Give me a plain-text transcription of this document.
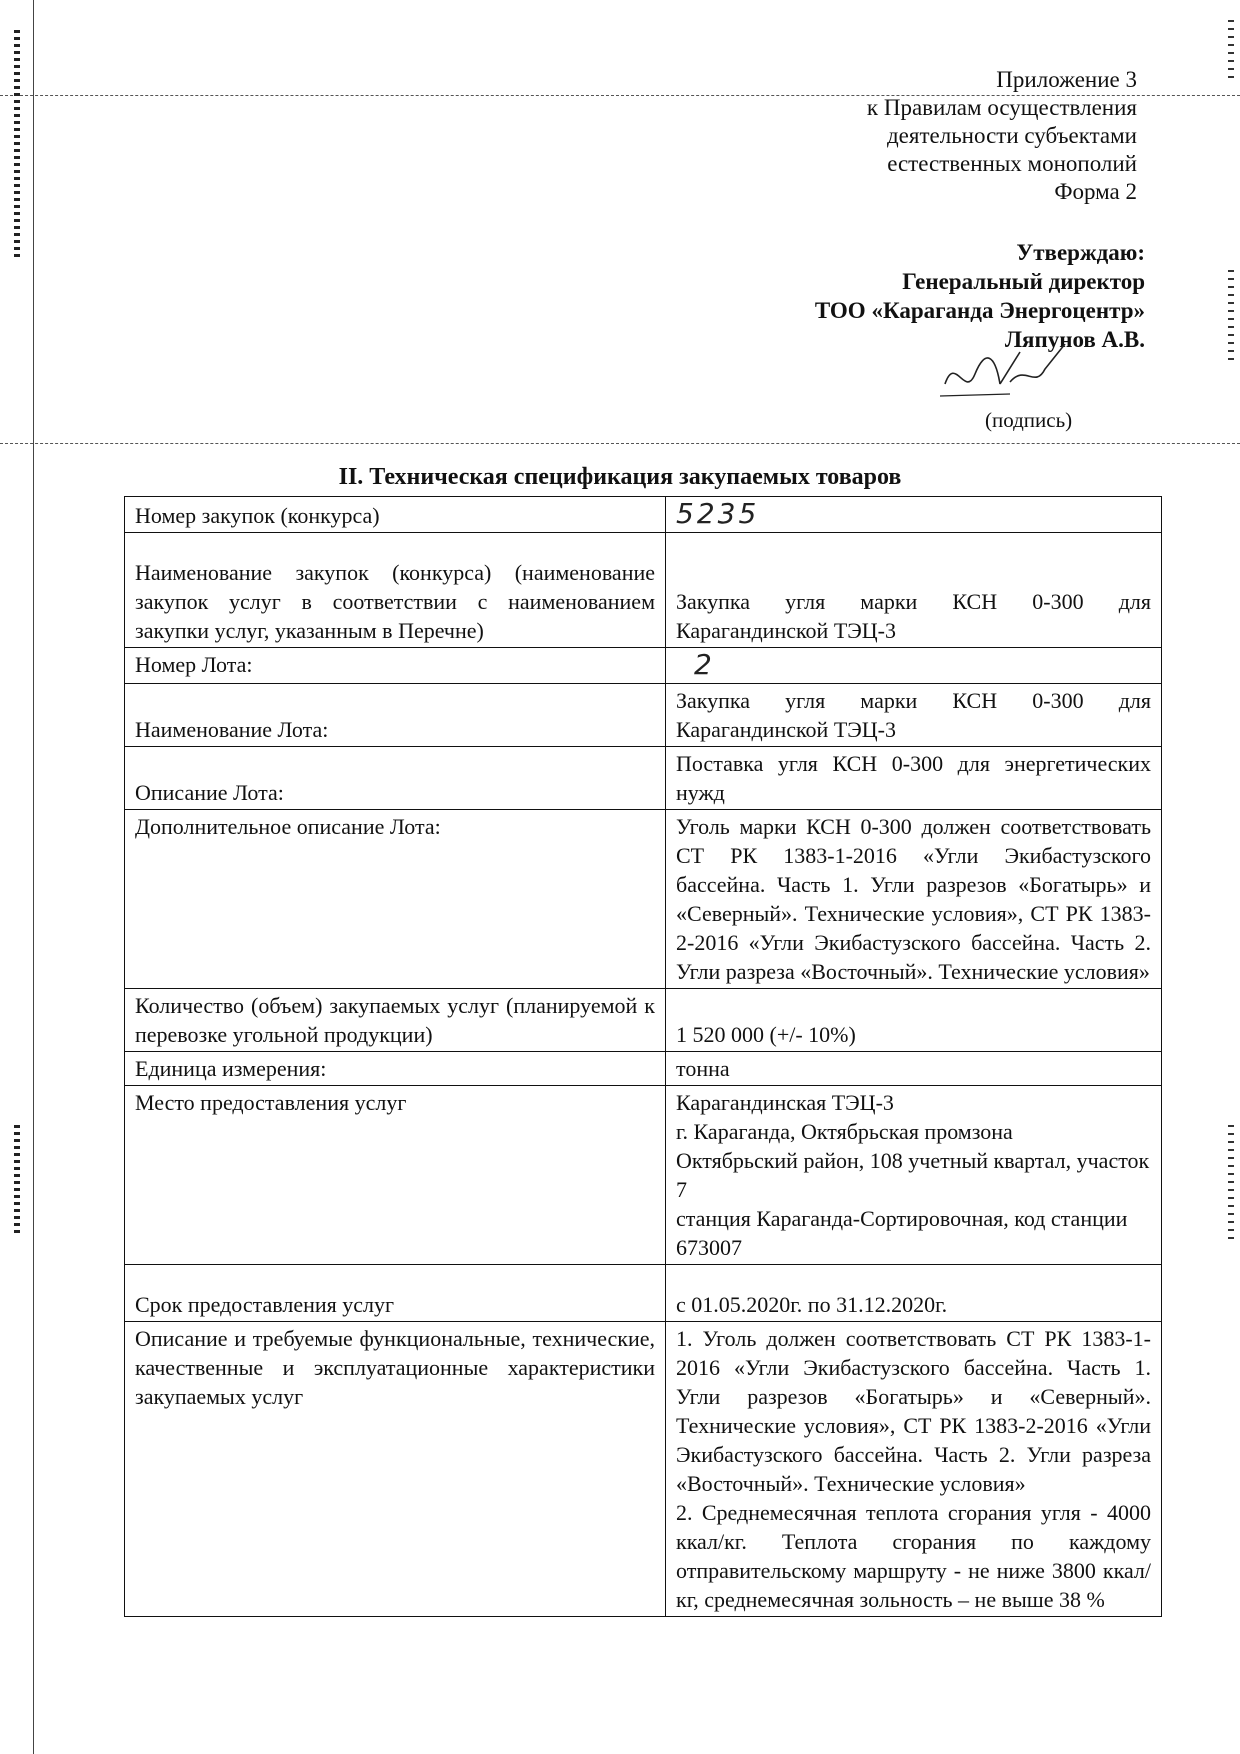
Приложение 3
к Правилам осуществления
деятельности субъектами
естественных монополий
Форма 2
Утверждаю:
Генеральный директор
ТОО «Караганда Энергоцентр»
Ляпунов А.В.
(подпись)
II. Техническая спецификация закупаемых товаров
Номер закупок (конкурса)	5235
Наименование закупок (конкурса) (наименование закупок услуг в соответствии с наименованием закупки услуг, указанным в Перечне)	Закупка угля марки КСН 0-300 для Карагандинской ТЭЦ-3
Номер Лота:	2
Наименование Лота:	Закупка угля марки КСН 0-300 для Карагандинской ТЭЦ-3
Описание Лота:	Поставка угля КСН 0-300 для энергетических нужд
Дополнительное описание Лота:	Уголь марки КСН 0-300 должен соответствовать СТ РК 1383-1-2016 «Угли Экибастузского бассейна. Часть 1. Угли разрезов «Богатырь» и «Северный». Технические условия», СТ РК 1383-2-2016 «Угли Экибастузского бассейна. Часть 2. Угли разреза «Восточный». Технические условия»
Количество (объем) закупаемых услуг (планируемой к перевозке угольной продукции)	1 520 000 (+/- 10%)
Единица измерения:	тонна
Место предоставления услуг	Карагандинская ТЭЦ-3
г. Караганда, Октябрьская промзона
Октябрьский район, 108 учетный квартал, участок 7
станция Караганда-Сортировочная, код станции 673007

Срок предоставления услуг	с 01.05.2020г. по 31.12.2020г.
Описание и требуемые функциональные, технические, качественные и эксплуатационные характеристики закупаемых услуг	1. Уголь должен соответствовать СТ РК 1383-1-2016 «Угли Экибастузского бассейна. Часть 1. Угли разрезов «Богатырь» и «Северный». Технические условия», СТ РК 1383-2-2016 «Угли Экибастузского бассейна. Часть 2. Угли разреза «Восточный». Технические условия»
2. Среднемесячная теплота сгорания угля - 4000 ккал/кг. Теплота сгорания по каждому отправительскому маршруту - не ниже 3800 ккал/кг, среднемесячная зольность – не выше 38 %
